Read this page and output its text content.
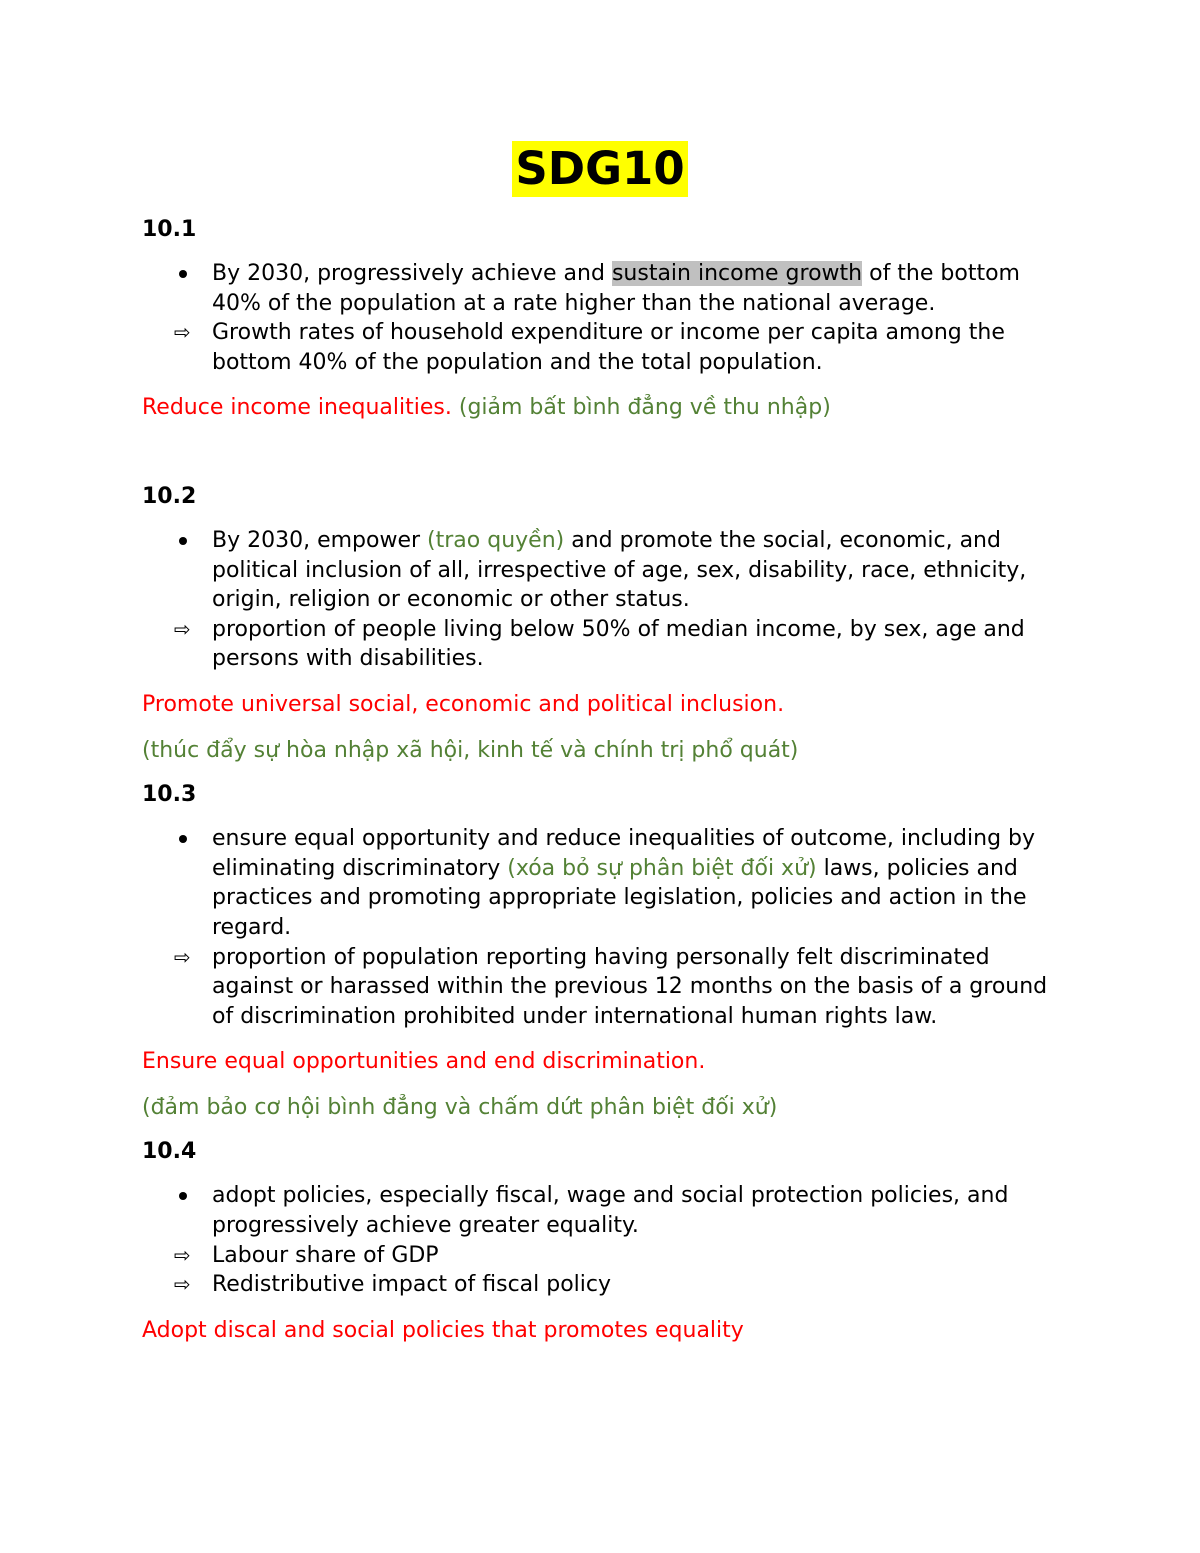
SDG10

10.1

By 2030, progressively achieve and sustain income growth of the bottom 40% of the population at a rate higher than the national average.
⇨ Growth rates of household expenditure or income per capita among the bottom 40% of the population and the total population.

Reduce income inequalities. (giảm bất bình đẳng về thu nhập)

10.2

By 2030, empower (trao quyền) and promote the social, economic, and political inclusion of all, irrespective of age, sex, disability, race, ethnicity, origin, religion or economic or other status.
⇨ proportion of people living below 50% of median income, by sex, age and persons with disabilities.

Promote universal social, economic and political inclusion.

(thúc đẩy sự hòa nhập xã hội, kinh tế và chính trị phổ quát)

10.3

ensure equal opportunity and reduce inequalities of outcome, including by eliminating discriminatory (xóa bỏ sự phân biệt đối xử) laws, policies and practices and promoting appropriate legislation, policies and action in the regard.
⇨ proportion of population reporting having personally felt discriminated against or harassed within the previous 12 months on the basis of a ground of discrimination prohibited under international human rights law.

Ensure equal opportunities and end discrimination.

(đảm bảo cơ hội bình đẳng và chấm dứt phân biệt đối xử)

10.4

adopt policies, especially fiscal, wage and social protection policies, and progressively achieve greater equality.
⇨ Labour share of GDP
⇨ Redistributive impact of fiscal policy

Adopt discal and social policies that promotes equality
